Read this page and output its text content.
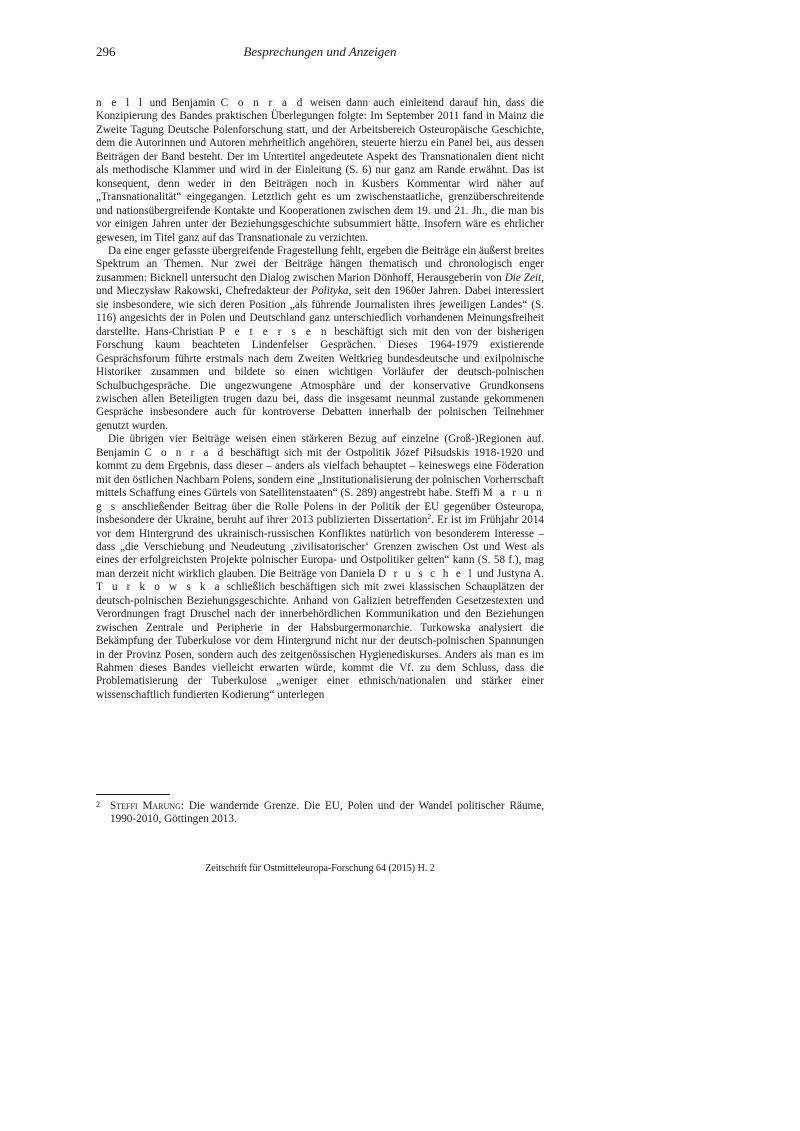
296	Besprechungen und Anzeigen

n e l l und Benjamin C o n r a d weisen dann auch einleitend darauf hin, dass die Konzipierung des Bandes praktischen Überlegungen folgte: Im September 2011 fand in Mainz die Zweite Tagung Deutsche Polenforschung statt, und der Arbeitsbereich Osteuropäische Geschichte, dem die Autorinnen und Autoren mehrheitlich angehören, steuerte hierzu ein Panel bei, aus dessen Beiträgen der Band besteht. Der im Untertitel angedeutete Aspekt des Transnationalen dient nicht als methodische Klammer und wird in der Einleitung (S. 6) nur ganz am Rande erwähnt. Das ist konsequent, denn weder in den Beiträgen noch in Kusbers Kommentar wird näher auf „Transnationalität“ eingegangen. Letztlich geht es um zwischenstaatliche, grenzüberschreitende und nationsübergreifende Kontakte und Kooperationen zwischen dem 19. und 21. Jh., die man bis vor einigen Jahren unter der Beziehungsgeschichte subsummiert hätte. Insofern wäre es ehrlicher gewesen, im Titel ganz auf das Transnationale zu verzichten.

Da eine enger gefasste übergreifende Fragestellung fehlt, ergeben die Beiträge ein äußerst breites Spektrum an Themen. Nur zwei der Beiträge hängen thematisch und chronologisch enger zusammen: Bicknell untersucht den Dialog zwischen Marion Dönhoff, Herausgeberin von Die Zeit, und Mieczysław Rakowski, Chefredakteur der Polityka, seit den 1960er Jahren. Dabei interessiert sie insbesondere, wie sich deren Position „als führende Journalisten ihres jeweiligen Landes“ (S. 116) angesichts der in Polen und Deutschland ganz unterschiedlich vorhandenen Meinungsfreiheit darstellte. Hans-Christian P e t e r s e n beschäftigt sich mit den von der bisherigen Forschung kaum beachteten Lindenfelser Gesprächen. Dieses 1964-1979 existierende Gesprächsforum führte erstmals nach dem Zweiten Weltkrieg bundesdeutsche und exilpolnische Historiker zusammen und bildete so einen wichtigen Vorläufer der deutsch-polnischen Schulbuchgespräche. Die ungezwungene Atmosphäre und der konservative Grundkonsens zwischen allen Beteiligten trugen dazu bei, dass die insgesamt neunmal zustande gekommenen Gespräche insbesondere auch für kontroverse Debatten innerhalb der polnischen Teilnehmer genutzt wurden.

Die übrigen vier Beiträge weisen einen stärkeren Bezug auf einzelne (Groß-)Regionen auf. Benjamin C o n r a d beschäftigt sich mit der Ostpolitik Józef Piłsudskis 1918-1920 und kommt zu dem Ergebnis, dass dieser – anders als vielfach behauptet – keineswegs eine Föderation mit den östlichen Nachbarn Polens, sondern eine „Institutionalisierung der polnischen Vorherrschaft mittels Schaffung eines Gürtels von Satellitenstaaten“ (S. 289) angestrebt habe. Steffi M a r u n g s anschließender Beitrag über die Rolle Polens in der Politik der EU gegenüber Osteuropa, insbesondere der Ukraine, beruht auf ihrer 2013 publizierten Dissertation$^2$. Er ist im Frühjahr 2014 vor dem Hintergrund des ukrainisch-russischen Konfliktes natürlich von besonderem Interesse – dass „die Verschiebung und Neudeutung ‚zivilisatorischer‘ Grenzen zwischen Ost und West als eines der erfolgreichsten Projekte polnischer Europa- und Ostpolitiker gelten“ kann (S. 58 f.), mag man derzeit nicht wirklich glauben. Die Beiträge von Daniela D r u s c h e l und Justyna A. T u r k o w s k a schließlich beschäftigen sich mit zwei klassischen Schauplätzen der deutsch-polnischen Beziehungsgeschichte. Anhand von Galizien betreffenden Gesetzestexten und Verordnungen fragt Druschel nach der innerbehördlichen Kommunikation und den Beziehungen zwischen Zentrale und Peripherie in der Habsburgermonarchie. Turkowska analysiert die Bekämpfung der Tuberkulose vor dem Hintergrund nicht nur der deutsch-polnischen Spannungen in der Provinz Posen, sondern auch des zeitgenössischen Hygienediskurses. Anders als man es im Rahmen dieses Bandes vielleicht erwarten würde, kommt die Vf. zu dem Schluss, dass die Problematisierung der Tuberkulose „weniger einer ethnisch/nationalen und stärker einer wissenschaftlich fundierten Kodierung“ unterlegen

2 Steffi Marung: Die wandernde Grenze. Die EU, Polen und der Wandel politischer Räume, 1990-2010, Göttingen 2013.
Zeitschrift für Ostmitteleuropa-Forschung 64 (2015) H. 2
